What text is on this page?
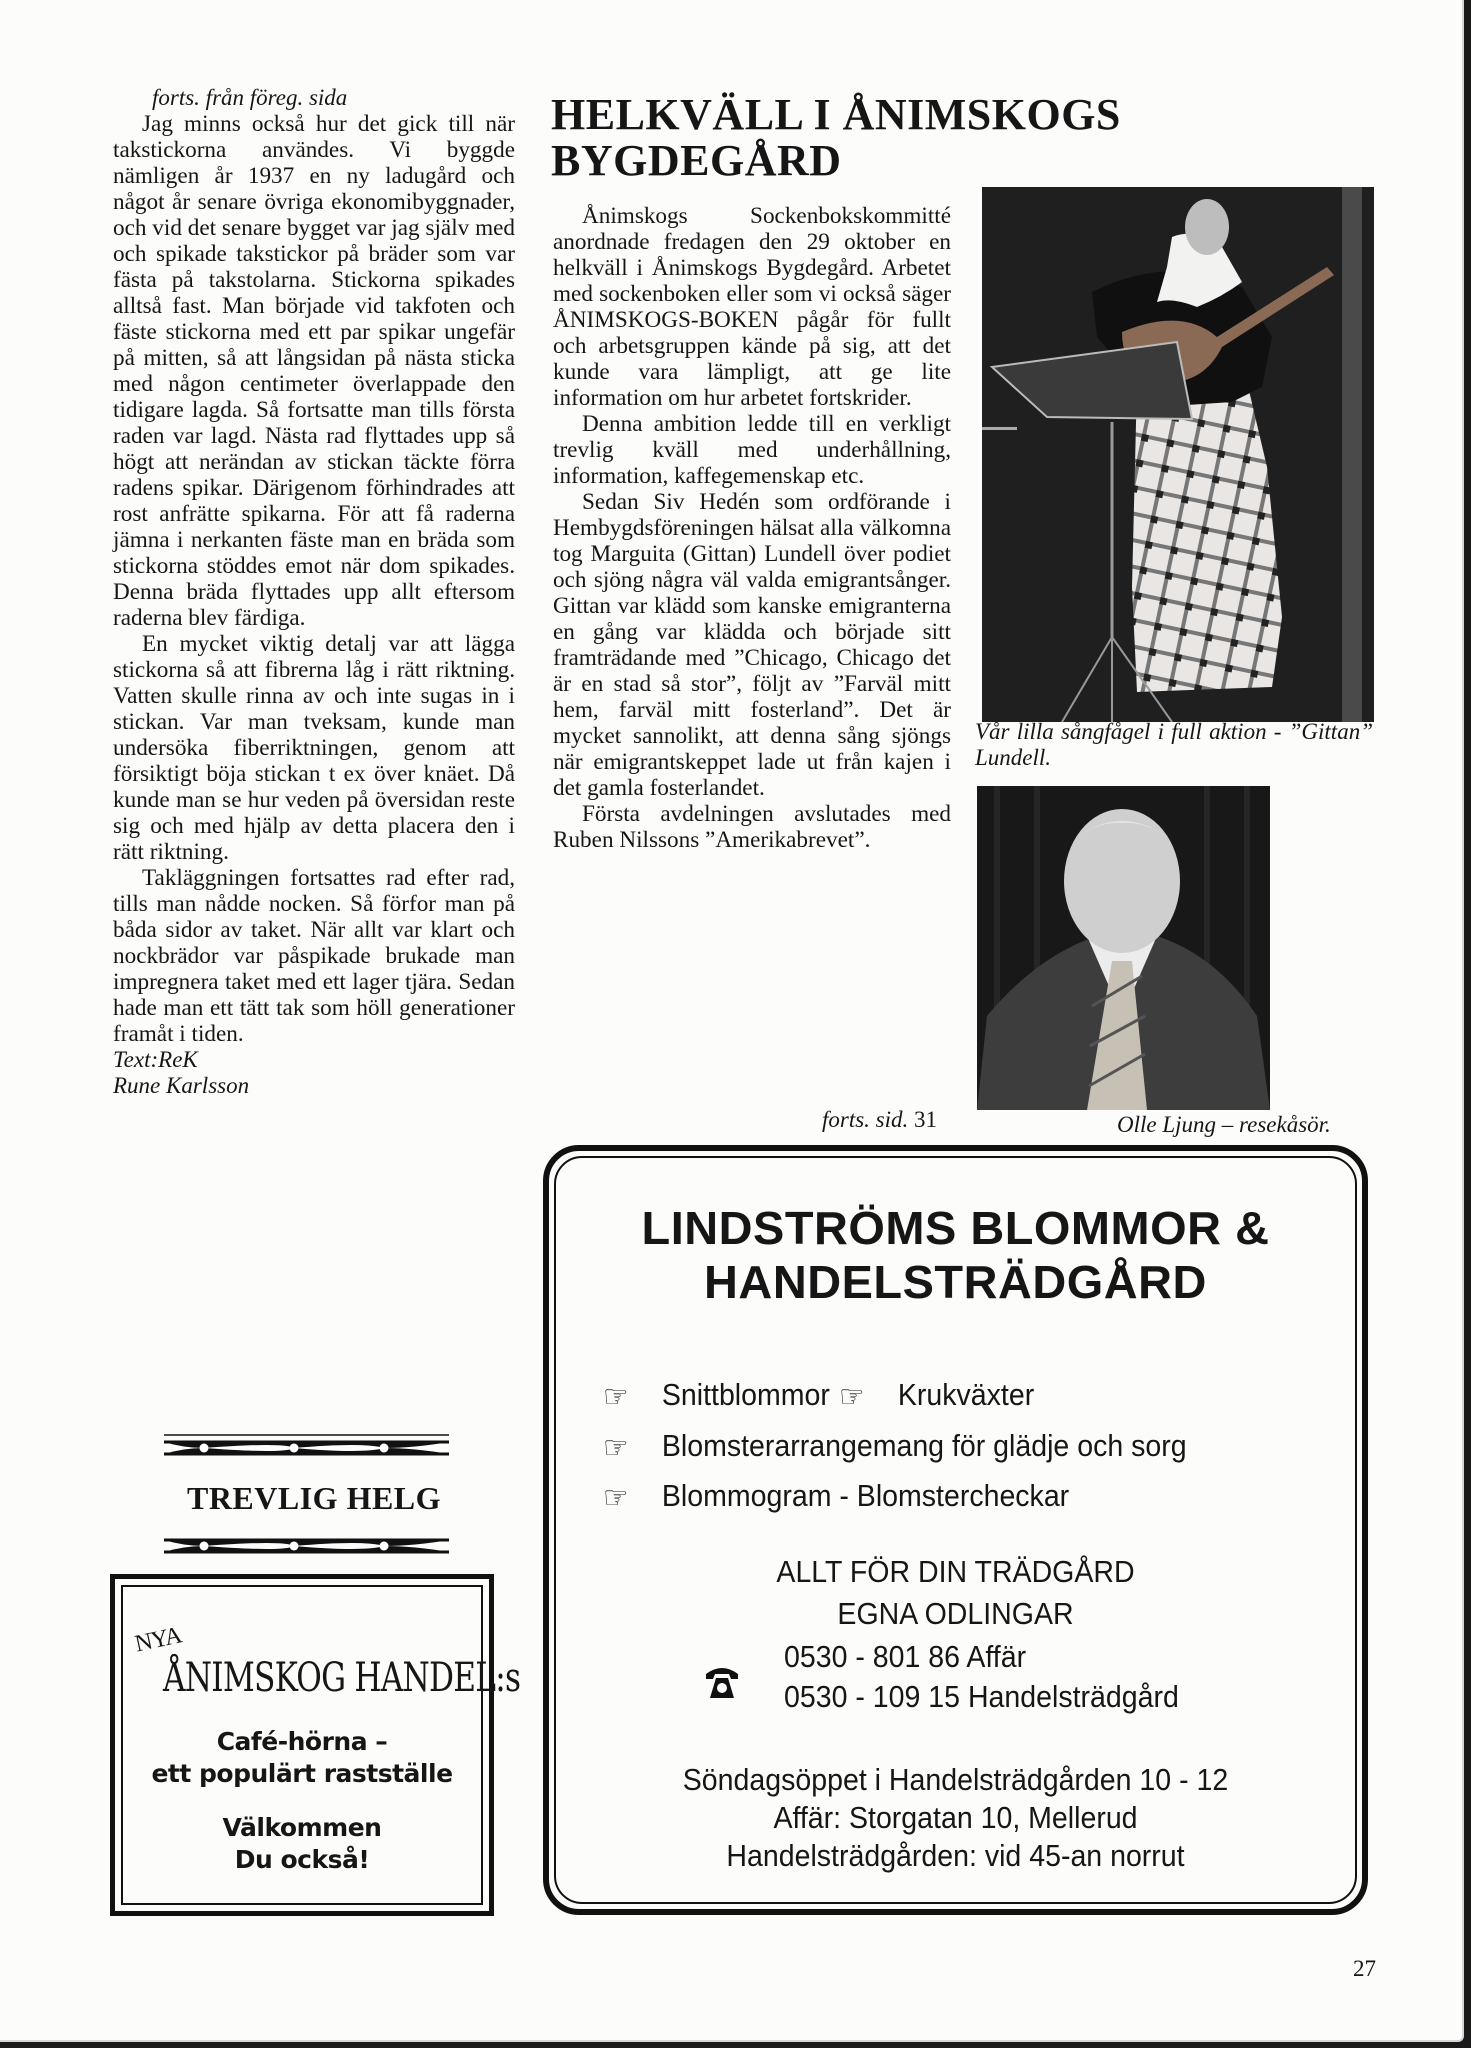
forts. från föreg. sida

Jag minns också hur det gick till när takstickorna användes. Vi byggde nämligen år 1937 en ny ladugård och något år senare övriga ekonomibyggnader, och vid det senare bygget var jag själv med och spikade takstickor på bräder som var fästa på takstolarna. Stickorna spikades alltså fast. Man började vid takfoten och fäste stickorna med ett par spikar ungefär på mitten, så att långsidan på nästa sticka med någon centimeter överlappade den tidigare lagda. Så fortsatte man tills första raden var lagd. Nästa rad flyttades upp så högt att nerändan av stickan täckte förra radens spikar. Därigenom förhindrades att rost anfrätte spikarna. För att få raderna jämna i nerkanten fäste man en bräda som stickorna stöddes emot när dom spikades. Denna bräda flyttades upp allt eftersom raderna blev färdiga.

En mycket viktig detalj var att lägga stickorna så att fibrerna låg i rätt riktning. Vatten skulle rinna av och inte sugas in i stickan. Var man tveksam, kunde man undersöka fiberriktningen, genom att försiktigt böja stickan t ex över knäet. Då kunde man se hur veden på översidan reste sig och med hjälp av detta placera den i rätt riktning.

Takläggningen fortsattes rad efter rad, tills man nådde nocken. Så förfor man på båda sidor av taket. När allt var klart och nockbrädor var påspikade brukade man impregnera taket med ett lager tjära. Sedan hade man ett tätt tak som höll generationer framåt i tiden.

Text:ReK
Rune Karlsson
TREVLIG HELG
NYA
ÅNIMSKOG HANDEL:s
Café-hörna –
ett populärt rastställe
Välkommen
Du också!
HELKVÄLL I ÅNIMSKOGS
BYGDEGÅRD

Ånimskogs Sockenbokskommitté anordnade fredagen den 29 oktober en helkväll i Ånimskogs Bygdegård. Arbetet med sockenboken eller som vi också säger ÅNIMSKOGS-BOKEN pågår för fullt och arbetsgruppen kände på sig, att det kunde vara lämpligt, att ge lite information om hur arbetet fortskrider.

Denna ambition ledde till en verkligt trevlig kväll med underhållning, information, kaffegemenskap etc.

Sedan Siv Hedén som ordförande i Hembygdsföreningen hälsat alla välkomna tog Marguita (Gittan) Lundell över podiet och sjöng några väl valda emigrantsånger. Gittan var klädd som kanske emigranterna en gång var klädda och började sitt framträdande med ”Chicago, Chicago det är en stad så stor”, följt av ”Farväl mitt hem, farväl mitt fosterland”. Det är mycket sannolikt, att denna sång sjöngs när emigrantskeppet lade ut från kajen i det gamla fosterlandet.

Första avdelningen avslutades med Ruben Nilssons ”Amerikabrevet”.

forts. sid. 31
Vår lilla sångfågel i full aktion - ”Gittan” Lundell.
Olle Ljung – resekåsör.
LINDSTRÖMS BLOMMOR &
HANDELSTRÄDGÅRD
☞ Snittblommor ☞ Krukväxter
☞ Blomsterarrangemang för glädje och sorg
☞ Blommogram - Blomstercheckar
ALLT FÖR DIN TRÄDGÅRD
EGNA ODLINGAR
0530 - 801 86 Affär
0530 - 109 15 Handelsträdgård
Söndagsöppet i Handelsträdgården 10 - 12
Affär: Storgatan 10, Mellerud
Handelsträdgården: vid 45-an norrut
27
